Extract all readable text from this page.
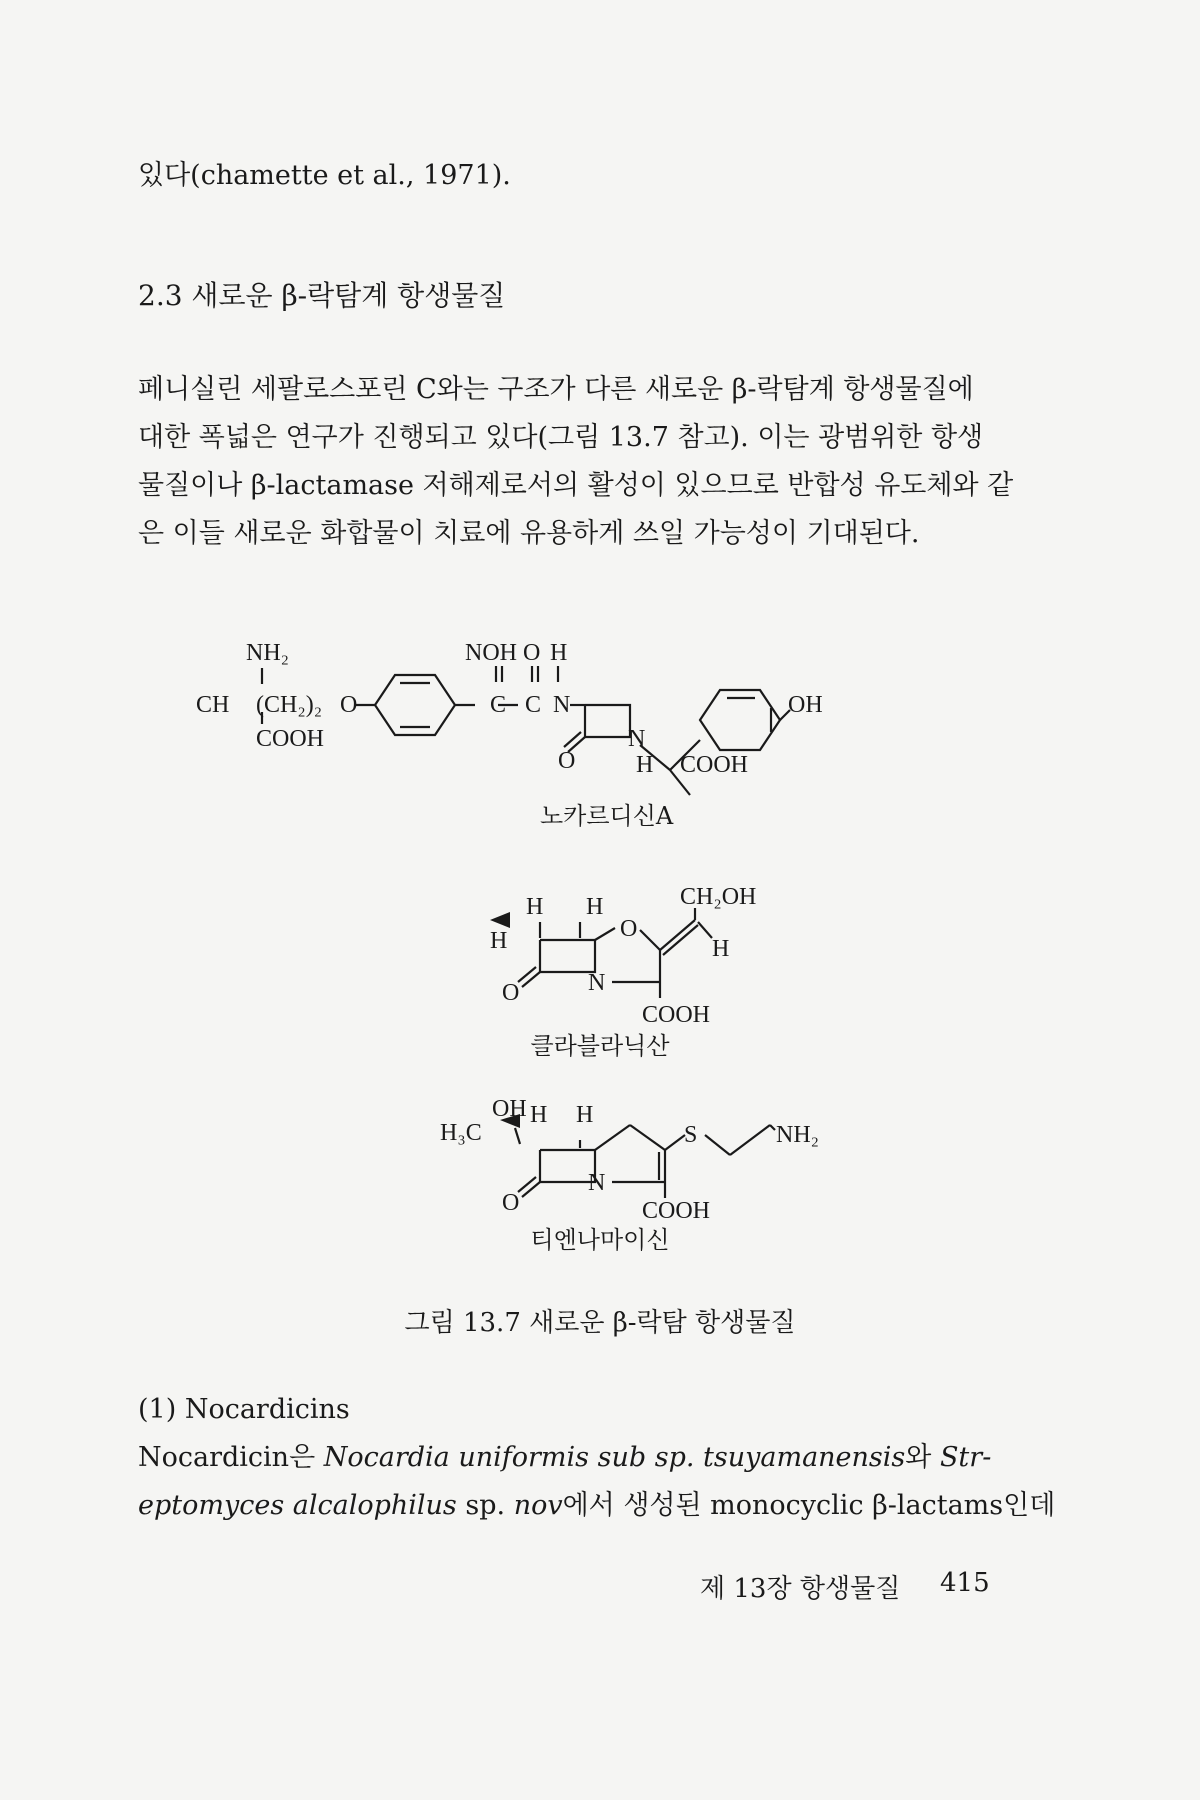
있다(chamette et al., 1971).
2.3 새로운 β-락탐계 항생물질
페니실린 세팔로스포린 C와는 구조가 다른 새로운 β-락탐계 항생물질에
대한 폭넓은 연구가 진행되고 있다(그림 13.7 참고). 이는 광범위한 항생
물질이나 β-lactamase 저해제로서의 활성이 있으므로 반합성 유도체와 같
은 이들 새로운 화합물이 치료에 유용하게 쓰일 가능성이 기대된다.
NH₂
CH (CH₂)₂ O
COOH
NOH O H
C C N
N
O
OH
H COOH
H H	CH₂OH
H	O
H
N
O
COOH
OH H H
H₃C	S	NH₂
N
O	COOH
노카르디신A
클라블라닉산
티엔나마이신
그림 13.7 새로운 β-락탐 항생물질
(1) Nocardicins
Nocardicin은 Nocardia uniformis sub sp. tsuyamanensis와 Str-
eptomyces alcalophilus sp. nov에서 생성된 monocyclic β-lactams인데
제 13장 항생물질 415
